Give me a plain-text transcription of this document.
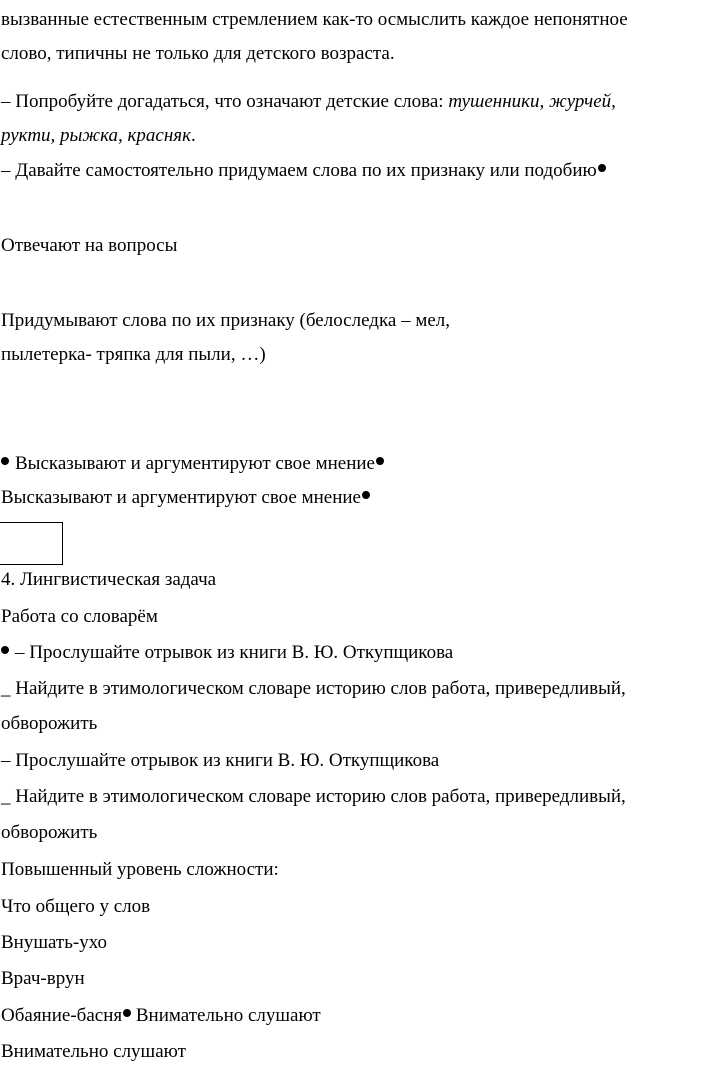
вызванные естественным стремлением как-то осмыслить каждое непонятное
слово, типичны не только для детского возраста.
– Попробуйте догадаться, что означают детские слова: тушенники, журчей,
рукти, рыжка, красняк.
– Давайте самостоятельно придумаем слова по их признаку или подобию
Отвечают на вопросы
Придумывают слова по их признаку (белоследка – мел,
пылетерка- тряпка для пыли, …)
Высказывают и аргументируют свое мнение
Высказывают и аргументируют свое мнение
4. Лингвистическая задача
Работа со словарём
– Прослушайте отрывок из книги В. Ю. Откупщикова
_ Найдите в этимологическом словаре историю слов работа, привередливый,
обворожить
– Прослушайте отрывок из книги В. Ю. Откупщикова
_ Найдите в этимологическом словаре историю слов работа, привередливый,
обворожить
Повышенный уровень сложности:
Что общего у слов
Внушать-ухо
Врач-врун
Обаяние-басня Внимательно слушают
Внимательно слушают
